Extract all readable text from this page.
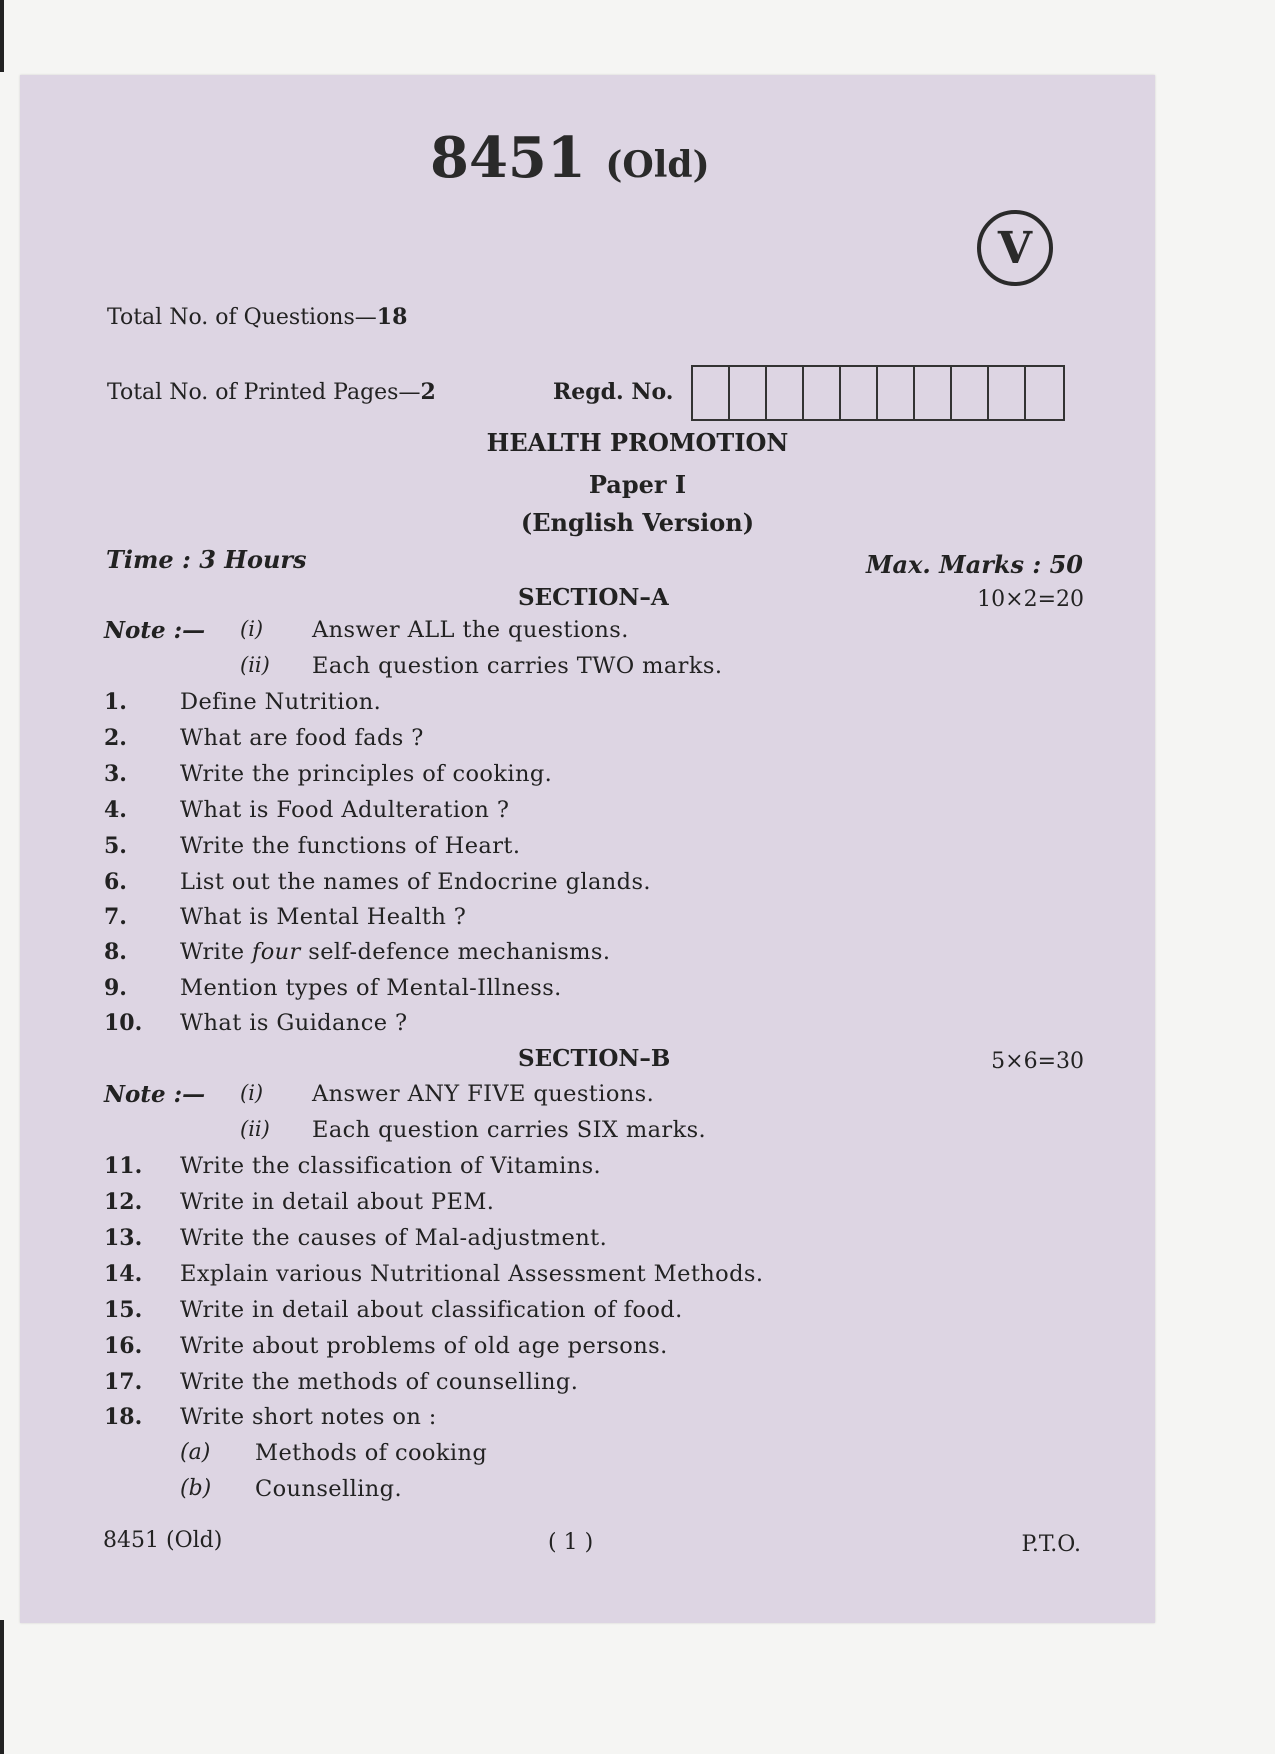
8451 (Old)
V
Total No. of Questions—18
Total No. of Printed Pages—2	Regd. No.
HEALTH PROMOTION
Paper I
(English Version)
Time : 3 Hours	Max. Marks : 50
SECTION–A	10×2=20
Note :— (i) Answer ALL the questions.
(ii) Each question carries TWO marks.
1. Define Nutrition.
2. What are food fads ?
3. Write the principles of cooking.
4. What is Food Adulteration ?
5. Write the functions of Heart.
6. List out the names of Endocrine glands.
7. What is Mental Health ?
8. Write four self-defence mechanisms.
9. Mention types of Mental-Illness.
10. What is Guidance ?
SECTION–B	5×6=30
Note :— (i) Answer ANY FIVE questions.
(ii) Each question carries SIX marks.
11. Write the classification of Vitamins.
12. Write in detail about PEM.
13. Write the causes of Mal-adjustment.
14. Explain various Nutritional Assessment Methods.
15. Write in detail about classification of food.
16. Write about problems of old age persons.
17. Write the methods of counselling.
18. Write short notes on :
(a) Methods of cooking
(b) Counselling.
8451 (Old)	( 1 )	P.T.O.
